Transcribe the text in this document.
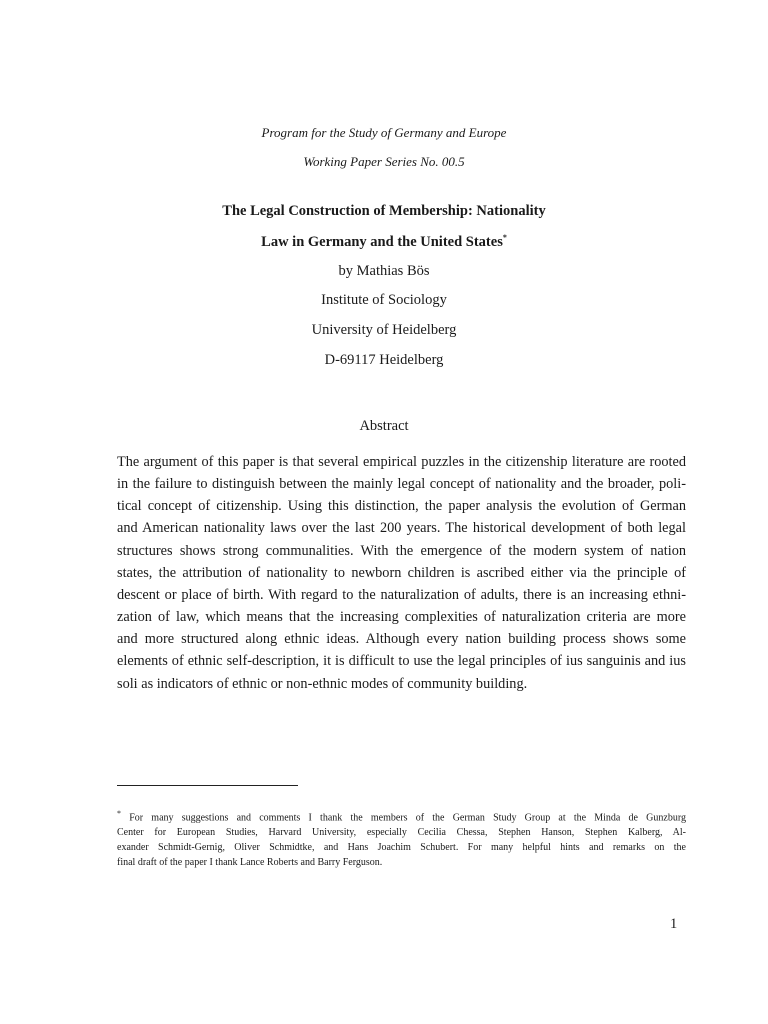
Program for the Study of Germany and Europe
Working Paper Series No. 00.5
The Legal Construction of Membership: Nationality
Law in Germany and the United States*
by Mathias Bös
Institute of Sociology
University of Heidelberg
D-69117 Heidelberg
Abstract
The argument of this paper is that several empirical puzzles in the citizenship literature are rooted
in the failure to distinguish between the mainly legal concept of nationality and the broader, poli-
tical concept of citizenship. Using this distinction, the paper analysis the evolution of German
and American nationality laws over the last 200 years. The historical development of both legal
structures shows strong communalities. With the emergence of the modern system of nation
states, the attribution of nationality to newborn children is ascribed either via the principle of
descent or place of birth. With regard to the naturalization of adults, there is an increasing ethni-
zation of law, which means that the increasing complexities of naturalization criteria are more
and more structured along ethnic ideas. Although every nation building process shows some
elements of ethnic self-description, it is difficult to use the legal principles of ius sanguinis and ius
soli as indicators of ethnic or non-ethnic modes of community building.
* For many suggestions and comments I thank the members of the German Study Group at the Minda de Gunzburg
Center for European Studies, Harvard University, especially Cecilia Chessa, Stephen Hanson, Stephen Kalberg, Al-
exander Schmidt-Gernig, Oliver Schmidtke, and Hans Joachim Schubert. For many helpful hints and remarks on the
final draft of the paper I thank Lance Roberts and Barry Ferguson.
1
